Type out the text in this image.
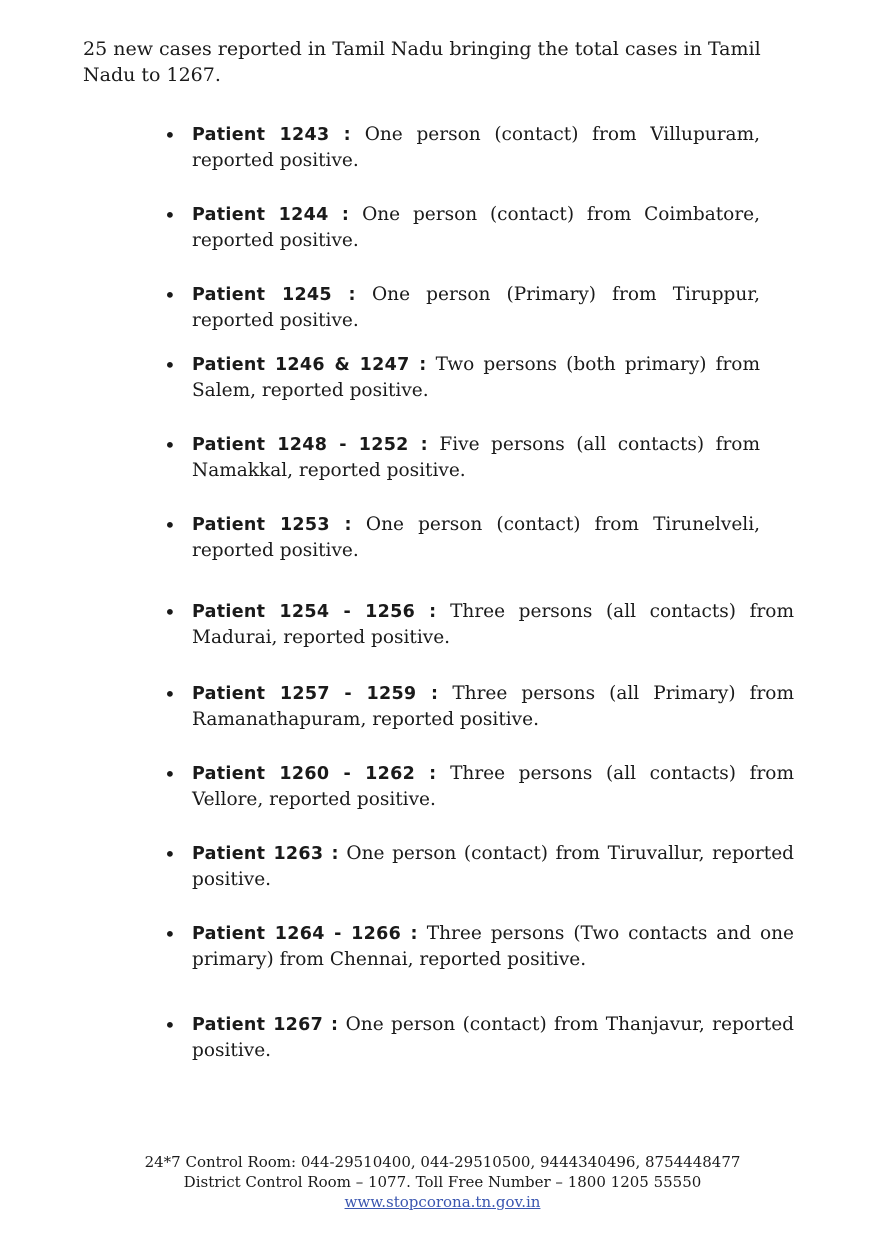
25 new cases reported in Tamil Nadu bringing the total cases in Tamil Nadu to 1267.
• Patient 1243 : One person (contact) from Villupuram, reported positive.
• Patient 1244 : One person (contact) from Coimbatore, reported positive.
• Patient 1245 : One person (Primary) from Tiruppur, reported positive.
• Patient 1246 & 1247 : Two persons (both primary) from Salem, reported positive.
• Patient 1248 - 1252 : Five persons (all contacts) from Namakkal, reported positive.
• Patient 1253 : One person (contact) from Tirunelveli, reported positive.
• Patient 1254 - 1256 : Three persons (all contacts) from Madurai, reported positive.
• Patient 1257 - 1259 : Three persons (all Primary) from Ramanathapuram, reported positive.
• Patient 1260 - 1262 : Three persons (all contacts) from Vellore, reported positive.
• Patient 1263 : One person (contact) from Tiruvallur, reported positive.
• Patient 1264 - 1266 : Three persons (Two contacts and one primary) from Chennai, reported positive.
• Patient 1267 : One person (contact) from Thanjavur, reported positive.
24*7 Control Room: 044-29510400, 044-29510500, 9444340496, 8754448477
District Control Room – 1077. Toll Free Number – 1800 1205 55550
www.stopcorona.tn.gov.in
